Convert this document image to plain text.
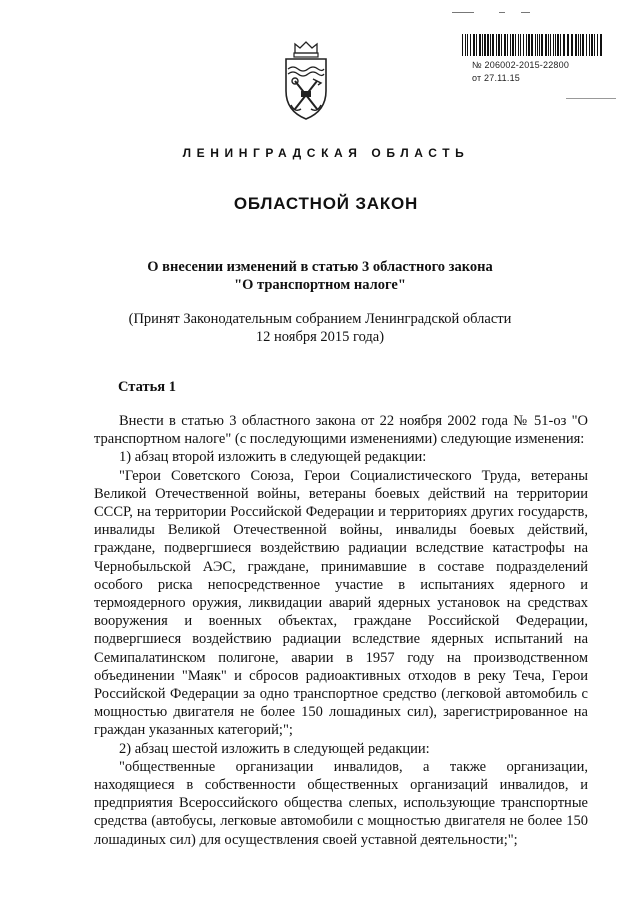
№ 206002-2015-22800
от 27.11.15
ЛЕНИНГРАДСКАЯ ОБЛАСТЬ
ОБЛАСТНОЙ ЗАКОН
О внесении изменений в статью 3 областного закона
"О транспортном налоге"
(Принят Законодательным собранием Ленинградской области
12 ноября 2015 года)
Статья 1

Внести в статью 3 областного закона от 22 ноября 2002 года № 51-оз "О транспортном налоге" (с последующими изменениями) следующие изменения:

1) абзац второй изложить в следующей редакции:

"Герои Советского Союза, Герои Социалистического Труда, ветераны Великой Отечественной войны, ветераны боевых действий на территории СССР, на территории Российской Федерации и территориях других государств, инвалиды Великой Отечественной войны, инвалиды боевых действий, граждане, подвергшиеся воздействию радиации вследствие катастрофы на Чернобыльской АЭС, граждане, принимавшие в составе подразделений особого риска непосредственное участие в испытаниях ядерного и термоядерного оружия, ликвидации аварий ядерных установок на средствах вооружения и военных объектах, граждане Российской Федерации, подвергшиеся воздействию радиации вследствие ядерных испытаний на Семипалатинском полигоне, аварии в 1957 году на производственном объединении "Маяк" и сбросов радиоактивных отходов в реку Теча, Герои Российской Федерации за одно транспортное средство (легковой автомобиль с мощностью двигателя не более 150 лошадиных сил), зарегистрированное на граждан указанных категорий;";

2) абзац шестой изложить в следующей редакции:

"общественные организации инвалидов, а также организации, находящиеся в собственности общественных организаций инвалидов, и предприятия Всероссийского общества слепых, использующие транспортные средства (автобусы, легковые автомобили с мощностью двигателя не более 150 лошадиных сил) для осуществления своей уставной деятельности;";
